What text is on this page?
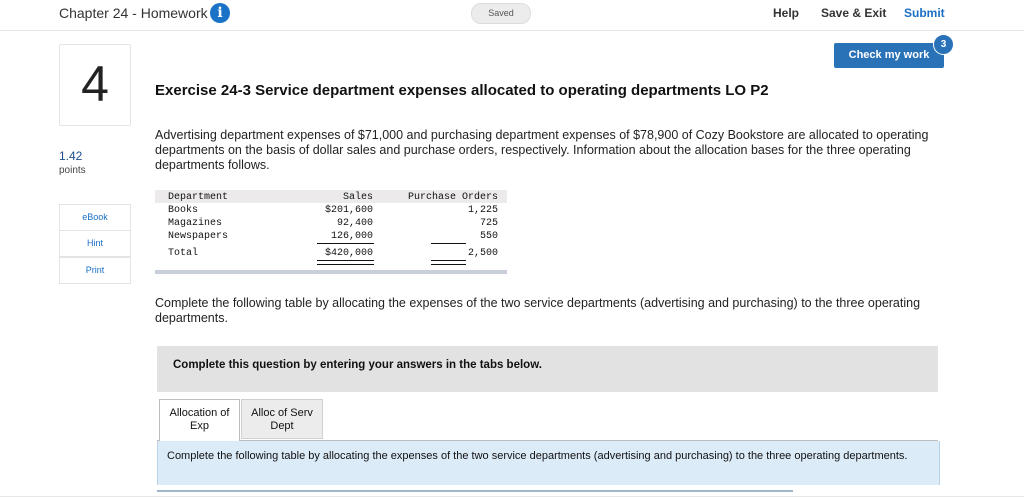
Chapter 24 - Homework i	Saved	Help Save & Exit Submit
Check my work
3
4
1.42
points
eBook
Hint
Print
Exercise 24-3 Service department expenses allocated to operating departments LO P2
Advertising department expenses of $71,000 and purchasing department expenses of $78,900 of Cozy Bookstore are allocated to operating departments on the basis of dollar sales and purchase orders, respectively. Information about the allocation bases for the three operating departments follows.
Department	Sales	Purchase Orders
Books	$201,600	1,225
Magazines	92,400	725
Newspapers	126,000	550
Total	$420,000	2,500
Complete the following table by allocating the expenses of the two service departments (advertising and purchasing) to the three operating departments.
Complete this question by entering your answers in the tabs below.
Allocation of Exp
Alloc of Serv Dept
Complete the following table by allocating the expenses of the two service departments (advertising and purchasing) to the three operating departments.
